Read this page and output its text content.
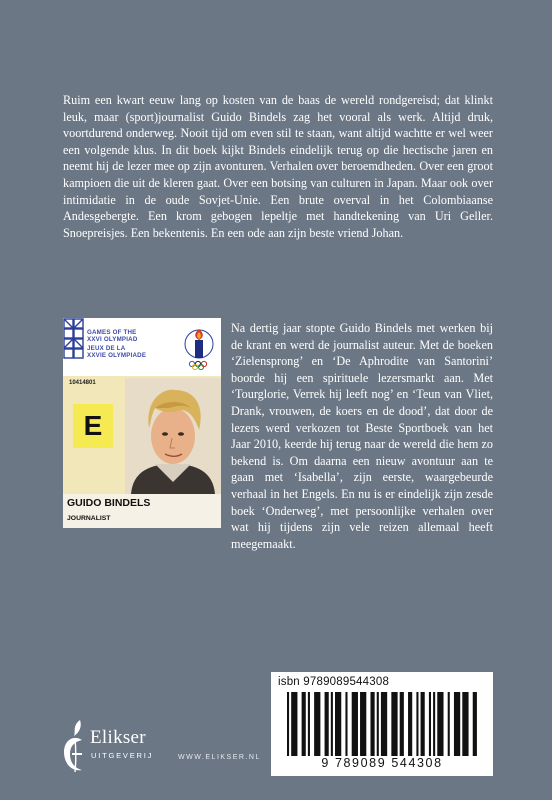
Ruim een kwart eeuw lang op kosten van de baas de wereld rondgereisd; dat klinkt leuk, maar (sport)journalist Guido Bindels zag het vooral als werk. Altijd druk, voortdurend onderweg. Nooit tijd om even stil te staan, want altijd wachtte er wel weer een volgende klus. In dit boek kijkt Bindels eindelijk terug op die hectische jaren en neemt hij de lezer mee op zijn avonturen. Verhalen over beroemdheden. Over een groot kampioen die uit de kleren gaat. Over een botsing van culturen in Japan. Maar ook over intimidatie in de oude Sovjet-Unie. Een brute overval in het Colombiaanse Andesgebergte. Een krom gebogen lepeltje met handtekening van Uri Geller. Snoepreisjes. Een bekentenis. En een ode aan zijn beste vriend Johan.

GAMES OF THE
XXVI OLYMPIAD
JEUX DE LA
XXVIE OLYMPIADE
10414801
E
GUIDO BINDELS
JOURNALIST

Na dertig jaar stopte Guido Bindels met werken bij de krant en werd de journalist auteur. Met de boeken ‘Zielensprong’ en ‘De Aphrodite van Santorini’ boorde hij een spirituele lezersmarkt aan. Met ‘Tourglorie, Verrek hij leeft nog’ en ‘Teun van Vliet, Drank, vrouwen, de koers en de dood’, dat door de lezers werd verkozen tot Beste Sportboek van het Jaar 2010, keerde hij terug naar de wereld die hem zo bekend is. Om daarna een nieuw avontuur aan te gaan met ‘Isabella’, zijn eerste, waargebeurde verhaal in het Engels. En nu is er eindelijk zijn zesde boek ‘Onderweg’, met persoonlijke verhalen over wat hij tijdens zijn vele reizen allemaal heeft meegemaakt.

isbn 9789089544308
9 789089 544308
Elikser
UITGEVERIJ	WWW.ELIKSER.NL
